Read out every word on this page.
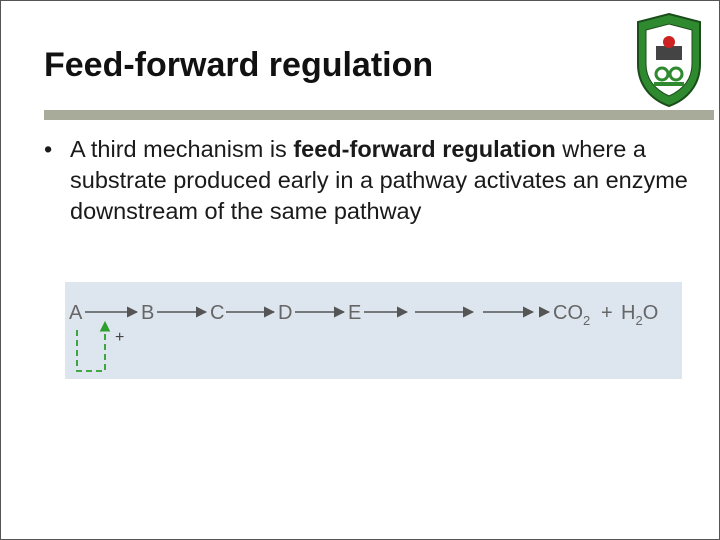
Feed-forward regulation
• A third mechanism is feed-forward regulation where a substrate produced early in a pathway activates an enzyme downstream of the same pathway
A	B	C	D	E	$CO_2 + H_2O$
+
